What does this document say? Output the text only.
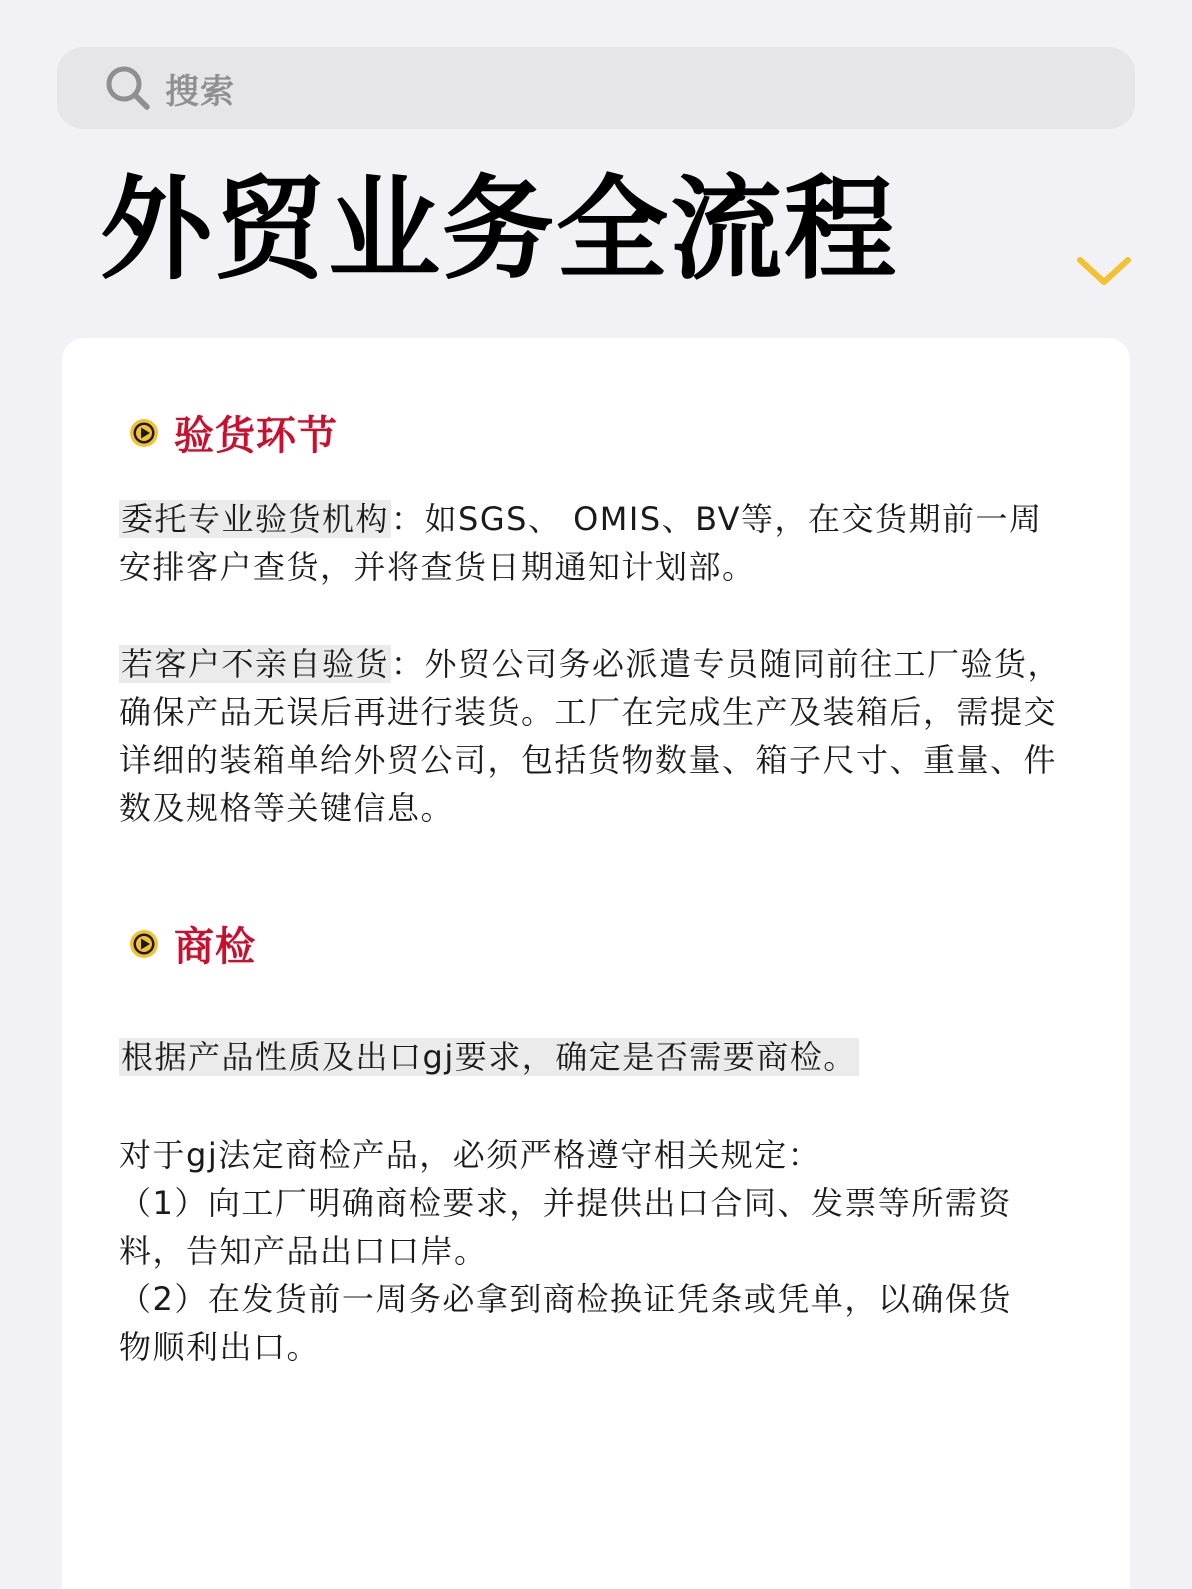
搜索
外贸业务全流程
验货环节

委托专业验货机构：如SGS、 OMIS、BV等，在交货期前一周安排客户查货，并将查货日期通知计划部。

若客户不亲自验货：外贸公司务必派遣专员随同前往工厂验货，确保产品无误后再进行装货。工厂在完成生产及装箱后，需提交详细的装箱单给外贸公司，包括货物数量、箱子尺寸、重量、件数及规格等关键信息。

商检

根据产品性质及出口gj要求，确定是否需要商检。

对于gj法定商检产品，必须严格遵守相关规定：
（1）向工厂明确商检要求，并提供出口合同、发票等所需资料，告知产品出口口岸。
（2）在发货前一周务必拿到商检换证凭条或凭单，以确保货物顺利出口。
